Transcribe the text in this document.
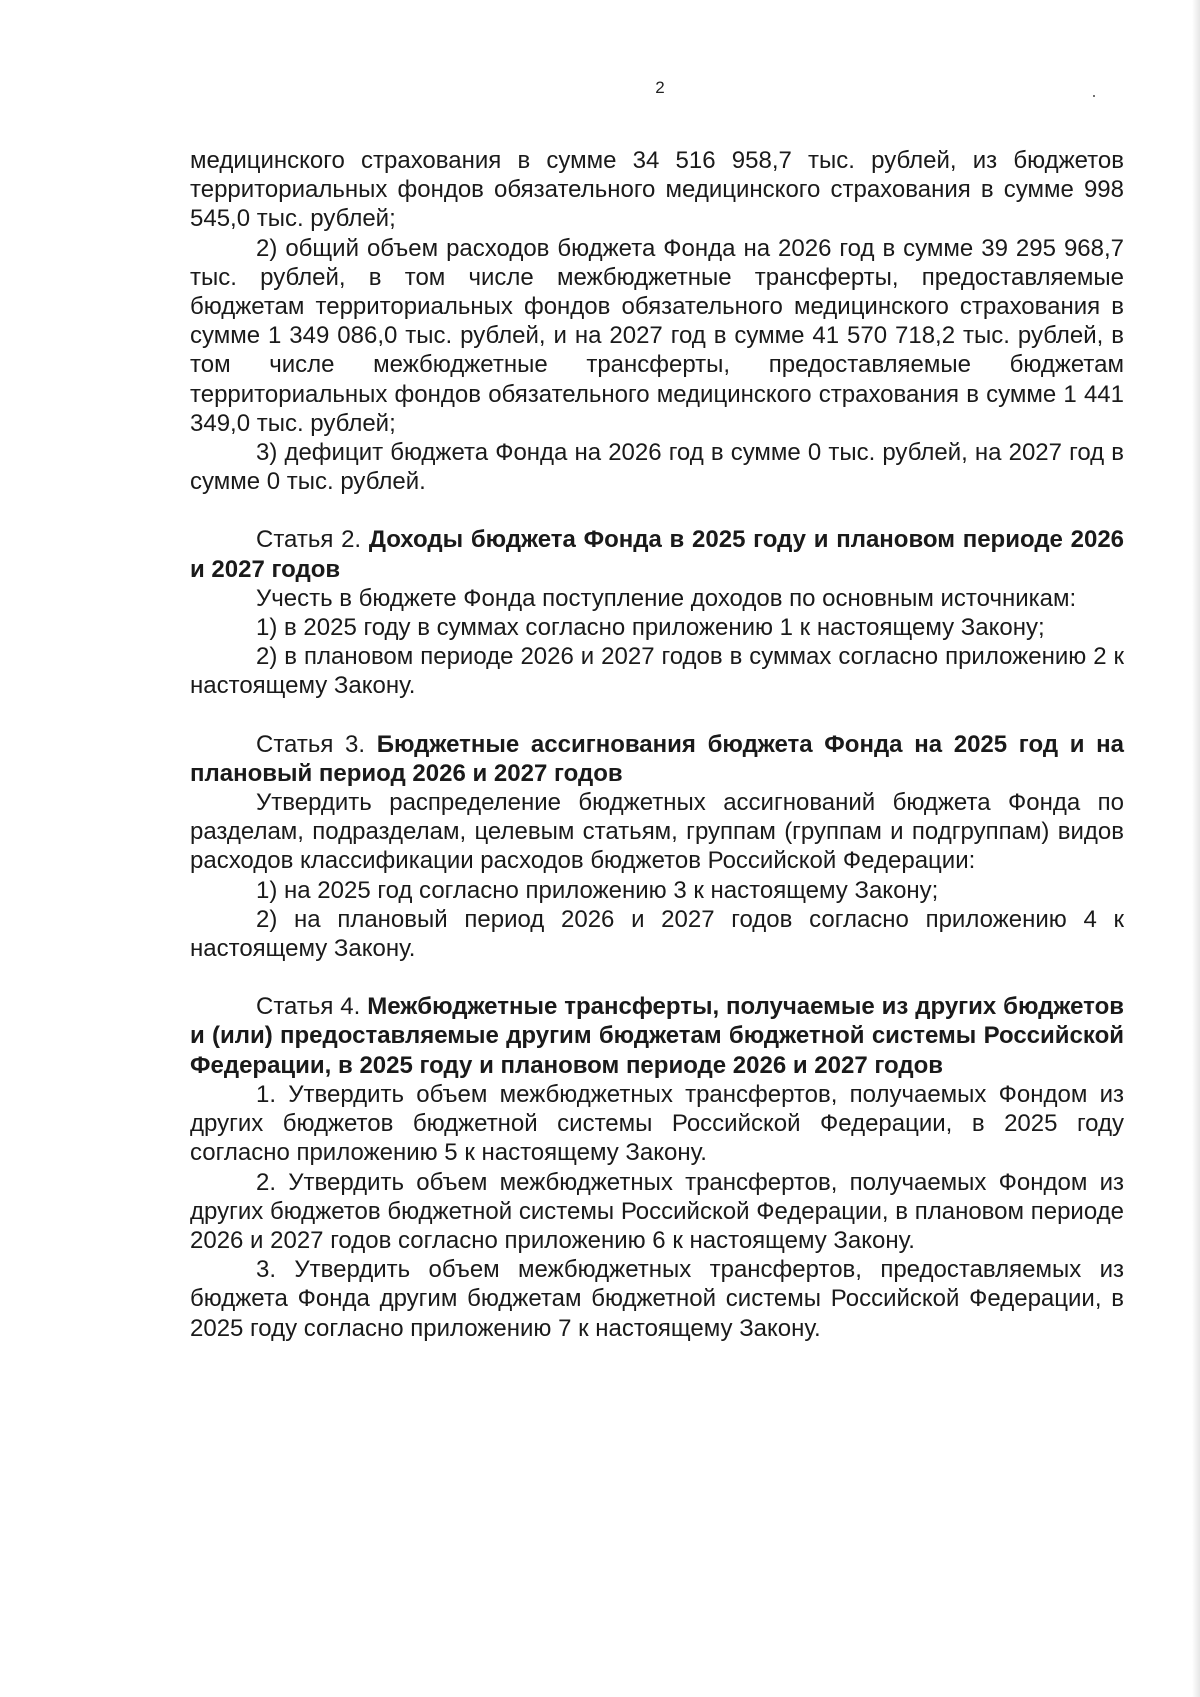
2

медицинского страхования в сумме 34 516 958,7 тыс. рублей, из бюджетов территориальных фондов обязательного медицинского страхования в сумме 998 545,0 тыс. рублей;

2) общий объем расходов бюджета Фонда на 2026 год в сумме 39 295 968,7 тыс. рублей, в том числе межбюджетные трансферты, предоставляемые бюджетам территориальных фондов обязательного медицинского страхования в сумме 1 349 086,0 тыс. рублей, и на 2027 год в сумме 41 570 718,2 тыс. рублей, в том числе межбюджетные трансферты, предоставляемые бюджетам территориальных фондов обязательного медицинского страхования в сумме 1 441 349,0 тыс. рублей;

3) дефицит бюджета Фонда на 2026 год в сумме 0 тыс. рублей, на 2027 год в сумме 0 тыс. рублей.

Статья 2. Доходы бюджета Фонда в 2025 году и плановом периоде 2026 и 2027 годов

Учесть в бюджете Фонда поступление доходов по основным источникам:

1) в 2025 году в суммах согласно приложению 1 к настоящему Закону;

2) в плановом периоде 2026 и 2027 годов в суммах согласно приложению 2 к настоящему Закону.

Статья 3. Бюджетные ассигнования бюджета Фонда на 2025 год и на плановый период 2026 и 2027 годов

Утвердить распределение бюджетных ассигнований бюджета Фонда по разделам, подразделам, целевым статьям, группам (группам и подгруппам) видов расходов классификации расходов бюджетов Российской Федерации:

1) на 2025 год согласно приложению 3 к настоящему Закону;

2) на плановый период 2026 и 2027 годов согласно приложению 4 к настоящему Закону.

Статья 4. Межбюджетные трансферты, получаемые из других бюджетов и (или) предоставляемые другим бюджетам бюджетной системы Российской Федерации, в 2025 году и плановом периоде 2026 и 2027 годов

1. Утвердить объем межбюджетных трансфертов, получаемых Фондом из других бюджетов бюджетной системы Российской Федерации, в 2025 году согласно приложению 5 к настоящему Закону.

2. Утвердить объем межбюджетных трансфертов, получаемых Фондом из других бюджетов бюджетной системы Российской Федерации, в плановом периоде 2026 и 2027 годов согласно приложению 6 к настоящему Закону.

3. Утвердить объем межбюджетных трансфертов, предоставляемых из бюджета Фонда другим бюджетам бюджетной системы Российской Федерации, в 2025 году согласно приложению 7 к настоящему Закону.
